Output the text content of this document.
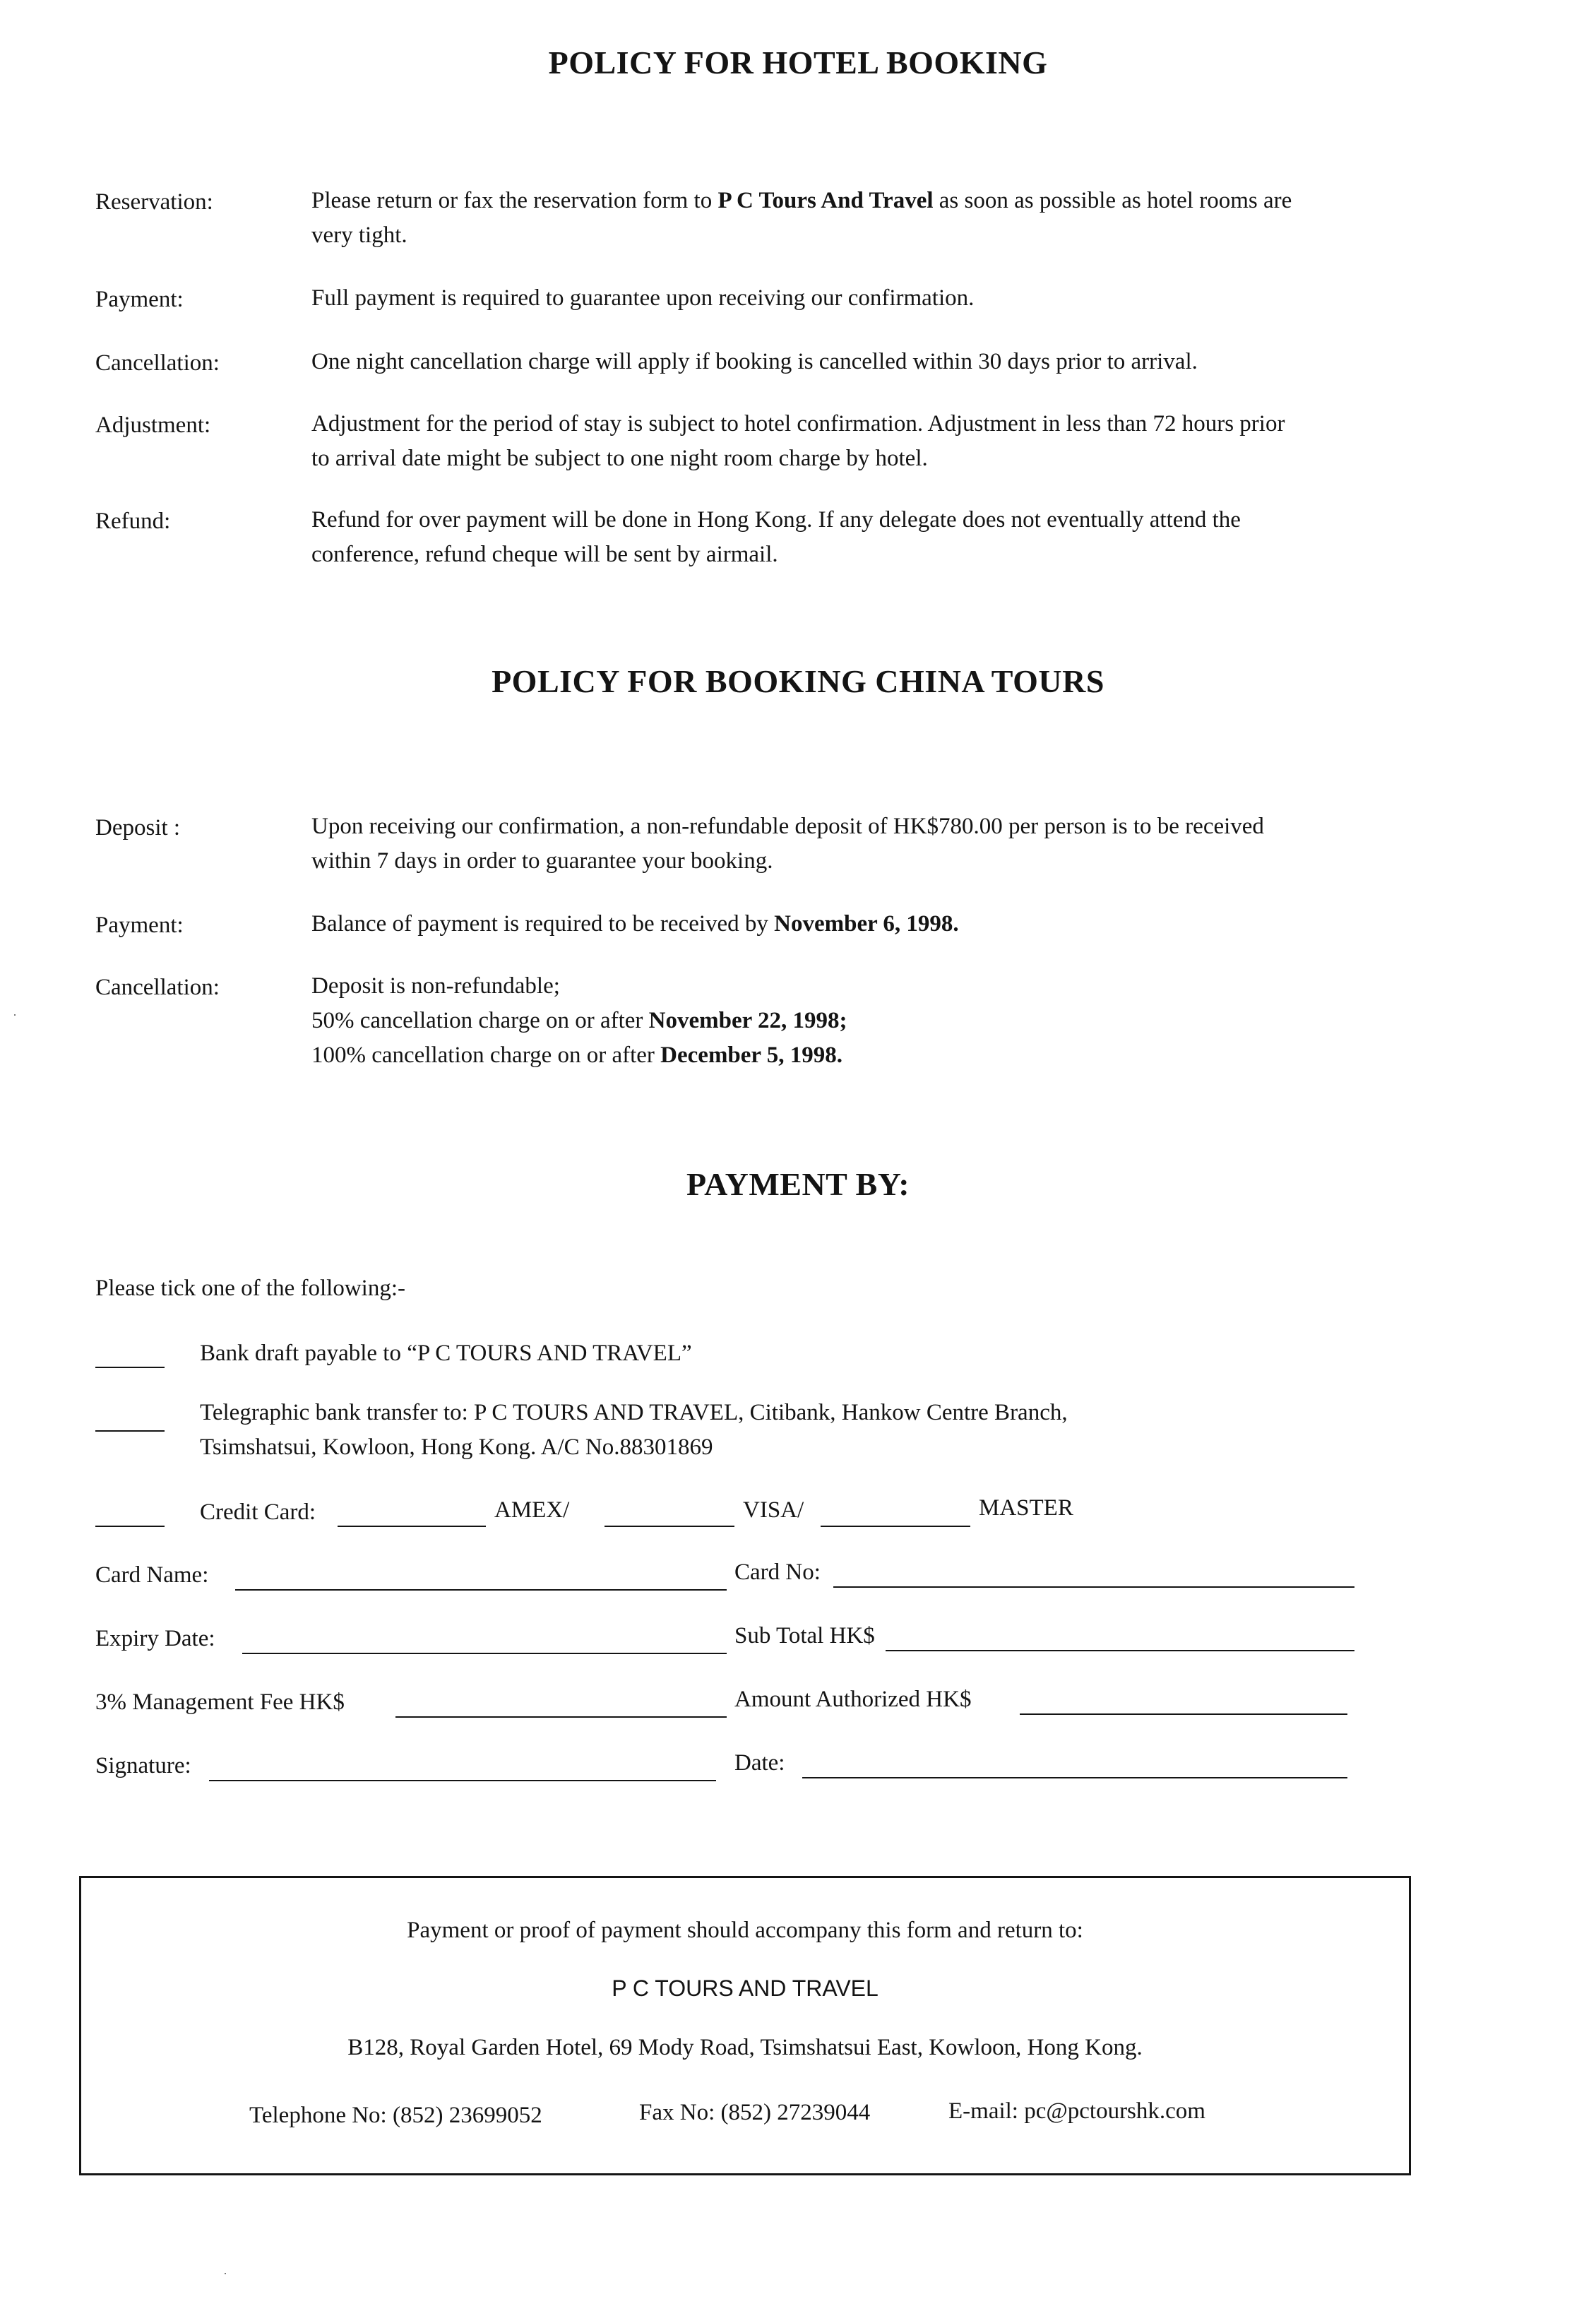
POLICY FOR HOTEL BOOKING
Reservation:	Please return or fax the reservation form to P C Tours And Travel as soon as possible as hotel rooms are
very tight.
Payment:	Full payment is required to guarantee upon receiving our confirmation.
Cancellation:	One night cancellation charge will apply if booking is cancelled within 30 days prior to arrival.
Adjustment:	Adjustment for the period of stay is subject to hotel confirmation. Adjustment in less than 72 hours prior
to arrival date might be subject to one night room charge by hotel.
Refund:	Refund for over payment will be done in Hong Kong. If any delegate does not eventually attend the
conference, refund cheque will be sent by airmail.
POLICY FOR BOOKING CHINA TOURS
Deposit :	Upon receiving our confirmation, a non-refundable deposit of HK$780.00 per person is to be received
within 7 days in order to guarantee your booking.
Payment:	Balance of payment is required to be received by November 6, 1998.
Cancellation:	Deposit is non-refundable;
50% cancellation charge on or after November 22, 1998;
100% cancellation charge on or after December 5, 1998.
PAYMENT BY:
Please tick one of the following:-
Bank draft payable to “P C TOURS AND TRAVEL”
Telegraphic bank transfer to: P C TOURS AND TRAVEL, Citibank, Hankow Centre Branch,
Tsimshatsui, Kowloon, Hong Kong. A/C No.88301869
Credit Card:	AMEX/	VISA/	MASTER
Card Name:	Card No:
Expiry Date:	Sub Total HK$
3% Management Fee HK$	Amount Authorized HK$
Signature:	Date:
Payment or proof of payment should accompany this form and return to:
P C TOURS AND TRAVEL
B128, Royal Garden Hotel, 69 Mody Road, Tsimshatsui East, Kowloon, Hong Kong.
Telephone No: (852) 23699052	Fax No: (852) 27239044	E-mail: pc@pctourshk.com
